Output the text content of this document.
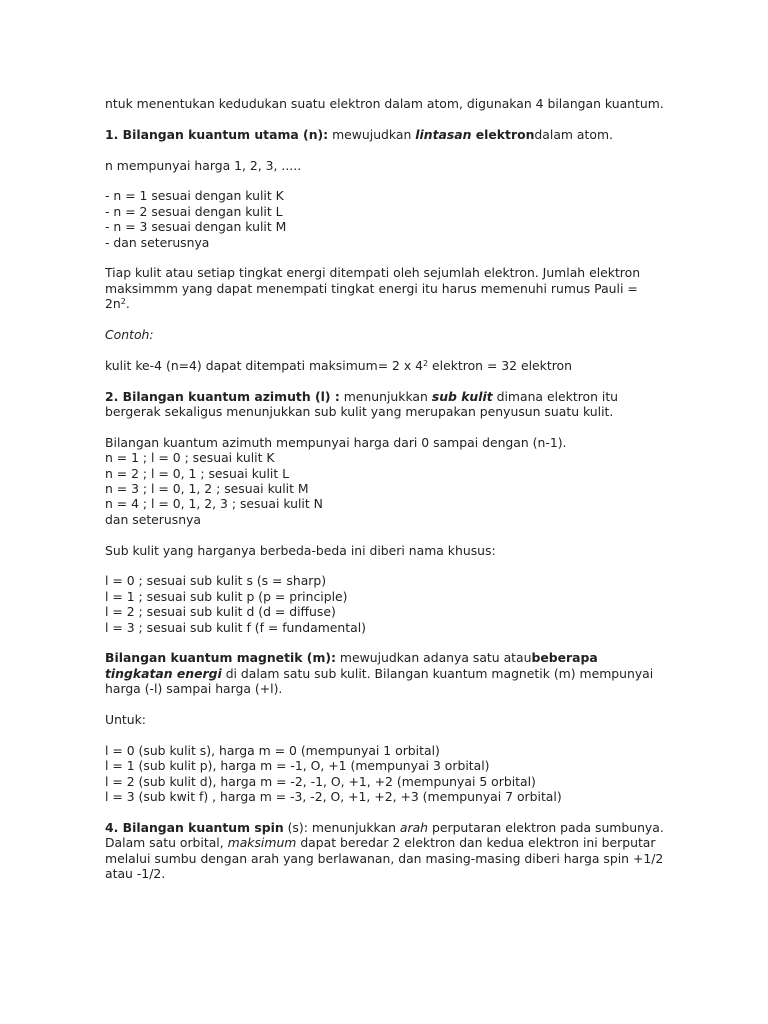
ntuk menentukan kedudukan suatu elektron dalam atom, digunakan 4 bilangan kuantum.

1. Bilangan kuantum utama (n): mewujudkan lintasan elektrondalam atom.

n mempunyai harga 1, 2, 3, .....

- n = 1 sesuai dengan kulit K

- n = 2 sesuai dengan kulit L

- n = 3 sesuai dengan kulit M

- dan seterusnya

Tiap kulit atau setiap tingkat energi ditempati oleh sejumlah elektron. Jumlah elektron maksimmm yang dapat menempati tingkat energi itu harus memenuhi rumus Pauli = $2n^2$.

Contoh:

kulit ke-4 (n=4) dapat ditempati maksimum= 2 x $4^2$ elektron = 32 elektron

2. Bilangan kuantum azimuth (l) : menunjukkan sub kulit dimana elektron itu bergerak sekaligus menunjukkan sub kulit yang merupakan penyusun suatu kulit.

Bilangan kuantum azimuth mempunyai harga dari 0 sampai dengan (n-1).

n = 1 ; l = 0 ; sesuai kulit K

n = 2 ; l = 0, 1 ; sesuai kulit L

n = 3 ; l = 0, 1, 2 ; sesuai kulit M

n = 4 ; l = 0, 1, 2, 3 ; sesuai kulit N

dan seterusnya

Sub kulit yang harganya berbeda-beda ini diberi nama khusus:

l = 0 ; sesuai sub kulit s (s = sharp)

l = 1 ; sesuai sub kulit p (p = principle)

l = 2 ; sesuai sub kulit d (d = diffuse)

l = 3 ; sesuai sub kulit f (f = fundamental)

Bilangan kuantum magnetik (m): mewujudkan adanya satu ataubeberapa tingkatan energi di dalam satu sub kulit. Bilangan kuantum magnetik (m) mempunyai harga (-l) sampai harga (+l).

Untuk:

l = 0 (sub kulit s), harga m = 0 (mempunyai 1 orbital)

l = 1 (sub kulit p), harga m = -1, O, +1 (mempunyai 3 orbital)

l = 2 (sub kulit d), harga m = -2, -1, O, +1, +2 (mempunyai 5 orbital)

l = 3 (sub kwit f) , harga m = -3, -2, O, +1, +2, +3 (mempunyai 7 orbital)

4. Bilangan kuantum spin (s): menunjukkan arah perputaran elektron pada sumbunya.

Dalam satu orbital, maksimum dapat beredar 2 elektron dan kedua elektron ini berputar melalui sumbu dengan arah yang berlawanan, dan masing-masing diberi harga spin +1/2 atau -1/2.
